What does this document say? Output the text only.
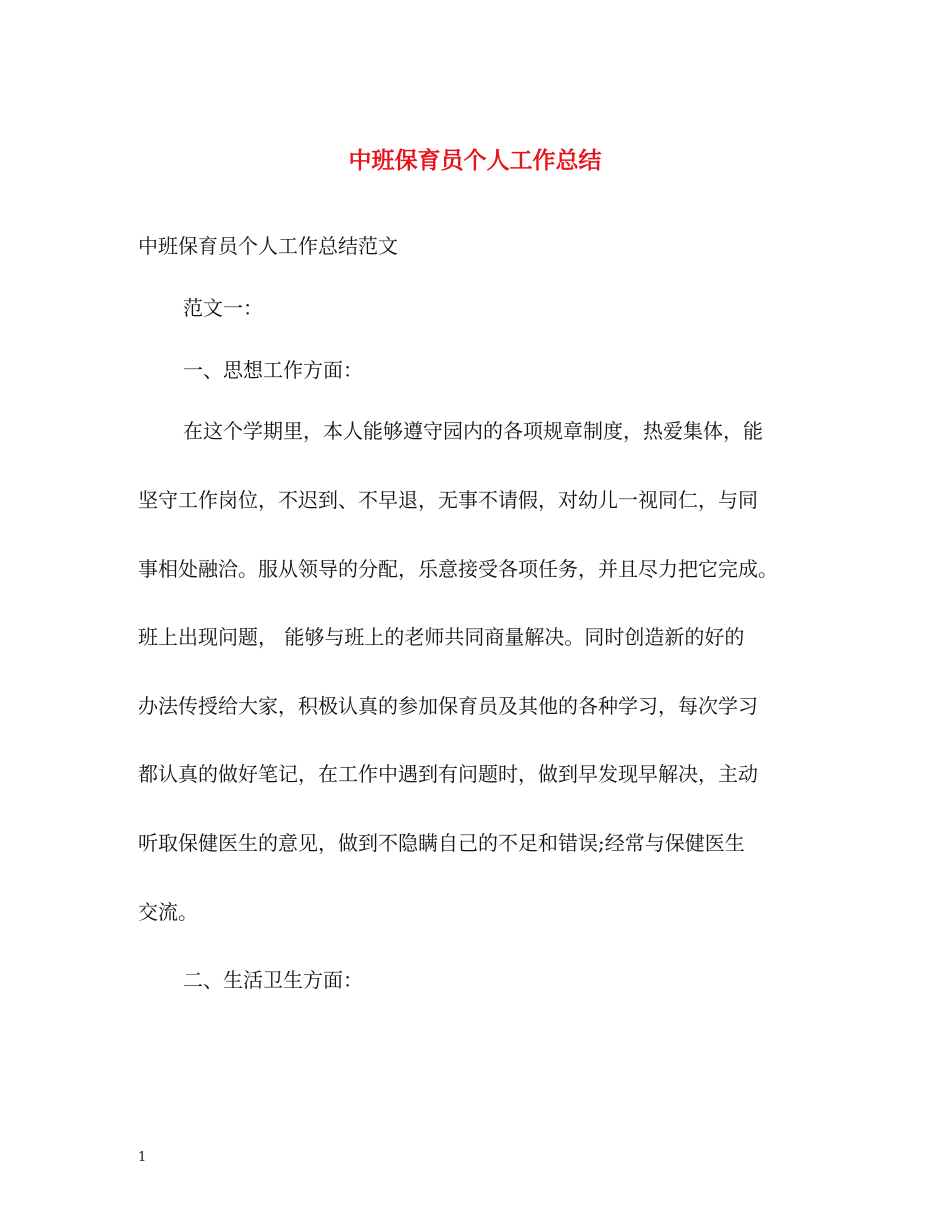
中班保育员个人工作总结
中班保育员个人工作总结范文
范文一：
一、思想工作方面：
在这个学期里，本人能够遵守园内的各项规章制度，热爱集体，能
坚守工作岗位，不迟到、不早退，无事不请假，对幼儿一视同仁，与同
事相处融洽。服从领导的分配，乐意接受各项任务，并且尽力把它完成。
班上出现问题， 能够与班上的老师共同商量解决。同时创造新的好的
办法传授给大家，积极认真的参加保育员及其他的各种学习，每次学习
都认真的做好笔记，在工作中遇到有问题时，做到早发现早解决，主动
听取保健医生的意见，做到不隐瞒自己的不足和错误;经常与保健医生
交流。
二、生活卫生方面：
1
